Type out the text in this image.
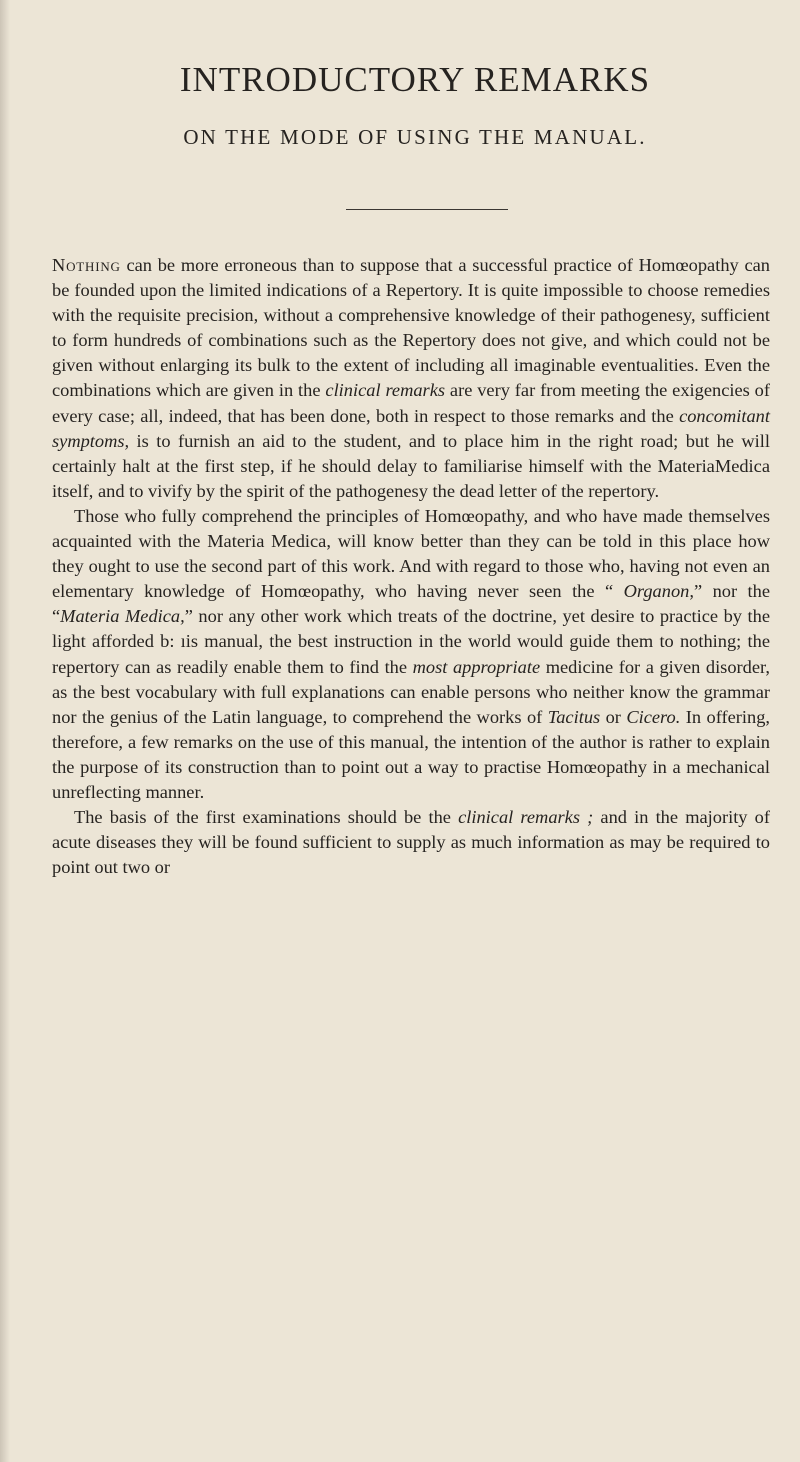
INTRODUCTORY REMARKS
ON THE MODE OF USING THE MANUAL.

Nothing can be more erroneous than to suppose that a successful practice of Homœopathy can be founded upon the limited indications of a Repertory. It is quite impossible to choose remedies with the requisite precision, without a comprehensive knowledge of their pathogenesy, sufficient to form hundreds of combinations such as the Repertory does not give, and which could not be given without enlarging its bulk to the extent of including all imaginable eventualities. Even the combinations which are given in the clinical remarks are very far from meeting the exigencies of every case; all, indeed, that has been done, both in respect to those remarks and the concomitant symptoms, is to furnish an aid to the student, and to place him in the right road; but he will certainly halt at the first step, if he should delay to familiarise himself with the MateriaMedica itself, and to vivify by the spirit of the pathogenesy the dead letter of the repertory.

Those who fully comprehend the principles of Homœopathy, and who have made themselves acquainted with the Materia Medica, will know better than they can be told in this place how they ought to use the second part of this work. And with regard to those who, having not even an elementary knowledge of Homœopathy, who having never seen the “ Organon,” nor the “Materia Medica,” nor any other work which treats of the doctrine, yet desire to practice by the light afforded b: ıis manual, the best instruction in the world would guide them to nothing; the repertory can as readily enable them to find the most appropriate medicine for a given disorder, as the best vocabulary with full explanations can enable persons who neither know the grammar nor the genius of the Latin language, to comprehend the works of Tacitus or Cicero. In offering, therefore, a few remarks on the use of this manual, the intention of the author is rather to explain the purpose of its construction than to point out a way to practise Homœopathy in a mechanical unreflecting manner.

The basis of the first examinations should be the clinical remarks ; and in the majority of acute diseases they will be found sufficient to supply as much information as may be required to point out two or
